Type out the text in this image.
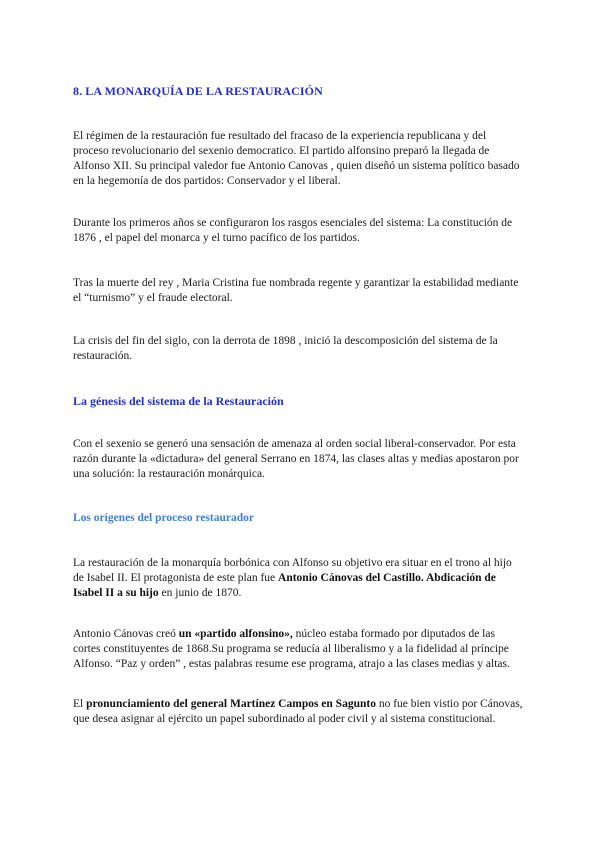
8. LA MONARQUÍA DE LA RESTAURACIÓN

El régimen de la restauración fue resultado del fracaso de la experiencia republicana y del proceso revolucionario del sexenio democratico. El partido alfonsino preparó la llegada de Alfonso XII. Su principal valedor fue Antonio Canovas , quien diseñó un sistema político basado en la hegemonía de dos partidos: Conservador y el liberal.

Durante los primeros años se configuraron los rasgos esenciales del sistema: La constitución de 1876 , el papel del monarca y el turno pacífico de los partidos.

Tras la muerte del rey , Maria Cristina fue nombrada regente y garantizar la estabilidad mediante el “turnismo” y el fraude electoral.

La crisis del fin del siglo, con la derrota de 1898 , inició la descomposición del sistema de la restauración.

La génesis del sistema de la Restauración

Con el sexenio se generó una sensación de amenaza al orden social liberal-conservador. Por esta razón durante la «dictadura» del general Serrano en 1874, las clases altas y medias apostaron por una solución: la restauración monárquica.

Los orígenes del proceso restaurador

La restauración de la monarquía borbónica con Alfonso su objetivo era situar en el trono al hijo de Isabel II. El protagonista de este plan fue Antonio Cánovas del Castillo. Abdicación de Isabel II a su hijo en junio de 1870.

Antonio Cánovas creó un «partido alfonsino», núcleo estaba formado por diputados de las cortes constituyentes de 1868.Su programa se reducía al liberalismo y a la fidelidad al príncipe Alfonso. “Paz y orden” , estas palabras resume ese programa, atrajo a las clases medias y altas.

El pronunciamiento del general Martínez Campos en Sagunto no fue bien vistio por Cánovas, que desea asignar al ejército un papel subordinado al poder civil y al sistema constitucional.
